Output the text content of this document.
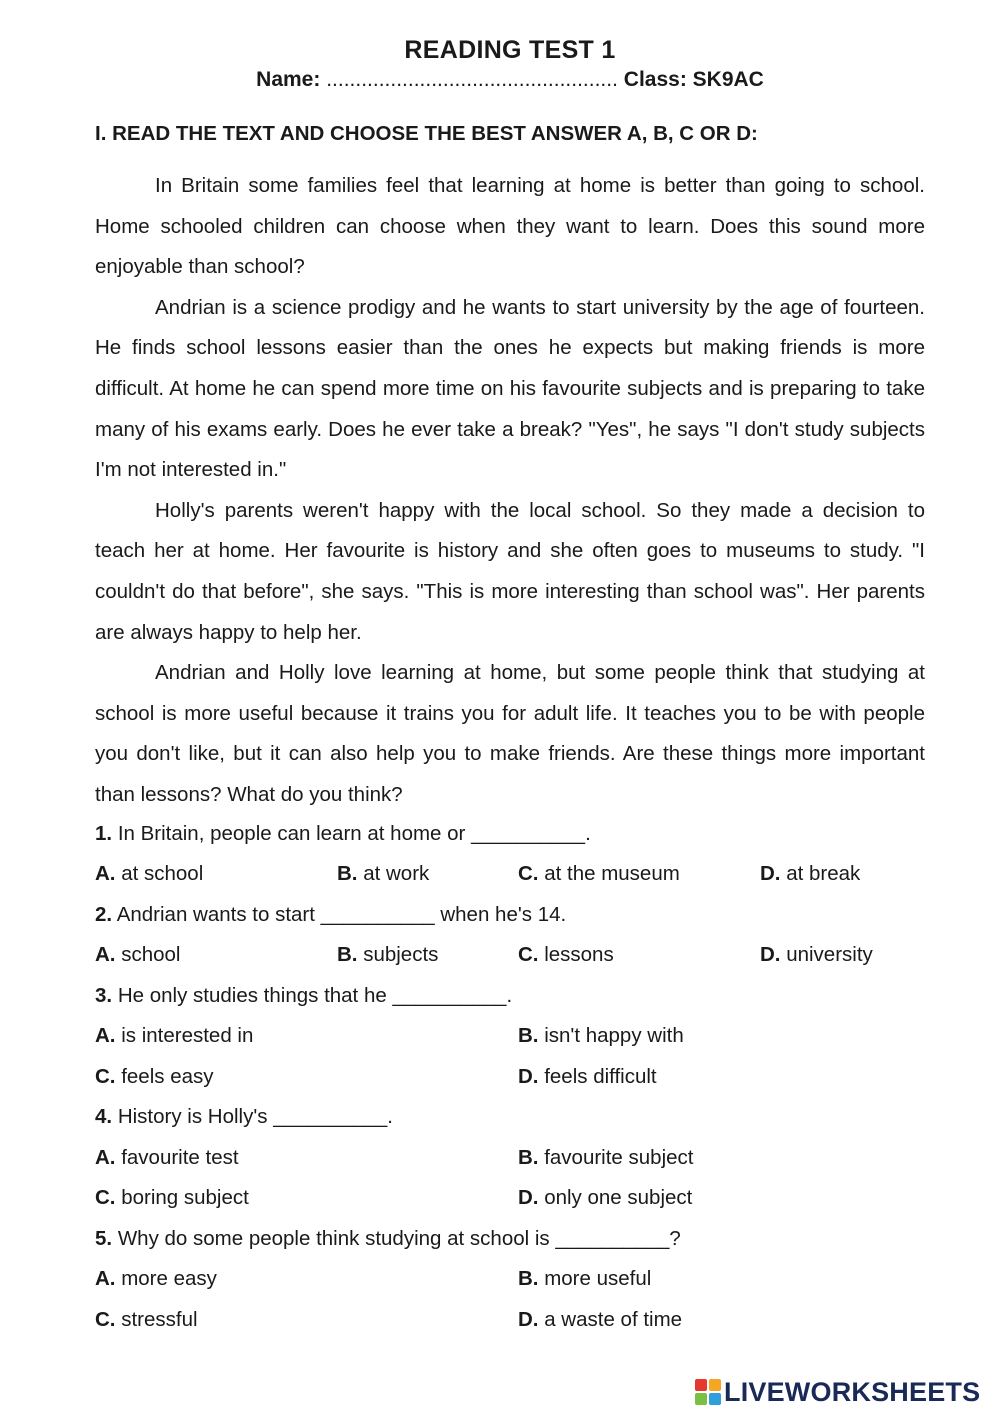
READING TEST 1
Name: .................................................. Class: SK9AC
I. READ THE TEXT AND CHOOSE THE BEST ANSWER A, B, C OR D:

In Britain some families feel that learning at home is better than going to school. Home schooled children can choose when they want to learn. Does this sound more enjoyable than school?

Andrian is a science prodigy and he wants to start university by the age of fourteen. He finds school lessons easier than the ones he expects but making friends is more difficult. At home he can spend more time on his favourite subjects and is preparing to take many of his exams early. Does he ever take a break? "Yes", he says "I don't study subjects I'm not interested in."

Holly's parents weren't happy with the local school. So they made a decision to teach her at home. Her favourite is history and she often goes to museums to study. "I couldn't do that before", she says. "This is more interesting than school was". Her parents are always happy to help her.

Andrian and Holly love learning at home, but some people think that studying at school is more useful because it trains you for adult life. It teaches you to be with people you don't like, but it can also help you to make friends. Are these things more important than lessons? What do you think?

1. In Britain, people can learn at home or __________.
A. at school	B. at work	C. at the museum	D. at break
2. Andrian wants to start __________ when he's 14.
A. school	B. subjects	C. lessons	D. university
3. He only studies things that he __________.
A. is interested in	B. isn't happy with
C. feels easy	D. feels difficult
4. History is Holly's __________.
A. favourite test	B. favourite subject
C. boring subject	D. only one subject
5. Why do some people think studying at school is __________?
A. more easy	B. more useful
C. stressful	D. a waste of time
LIVEWORKSHEETS
